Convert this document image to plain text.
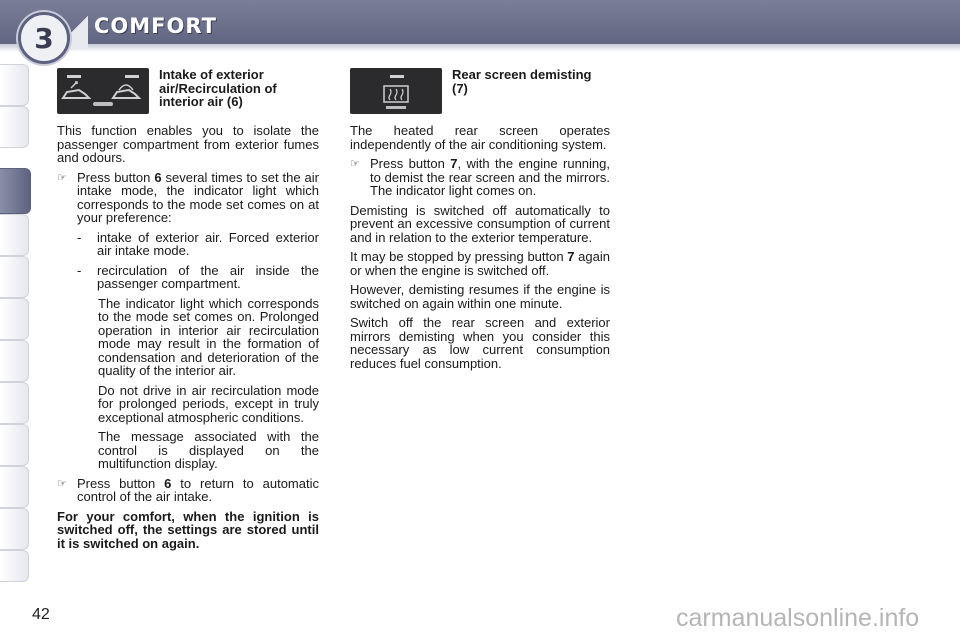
3	COMFORT
Intake of exterior air/Recirculation of interior air (6)

This function enables you to isolate the passenger compartment from exterior fumes and odours.

☞ Press button 6 several times to set the air intake mode, the indicator light which corresponds to the mode set comes on at your preference:
-	intake of exterior air. Forced exterior air intake mode.
-	recirculation of the air inside the passenger compartment.

The indicator light which corresponds to the mode set comes on. Prolonged operation in interior air recirculation mode may result in the formation of condensation and deterioration of the quality of the interior air.

Do not drive in air recirculation mode for prolonged periods, except in truly exceptional atmospheric conditions.

The message associated with the control is displayed on the multifunction display.

☞ Press button 6 to return to automatic control of the air intake.

For your comfort, when the ignition is switched off, the settings are stored until it is switched on again.

Rear screen demisting (7)

The heated rear screen operates independently of the air conditioning system.

☞ Press button 7, with the engine running, to demist the rear screen and the mirrors. The indicator light comes on.

Demisting is switched off automatically to prevent an excessive consumption of current and in relation to the exterior temperature.

It may be stopped by pressing button 7 again or when the engine is switched off.

However, demisting resumes if the engine is switched on again within one minute.

Switch off the rear screen and exterior mirrors demisting when you consider this necessary as low current consumption reduces fuel consumption.

42	carmanualsonline.info
